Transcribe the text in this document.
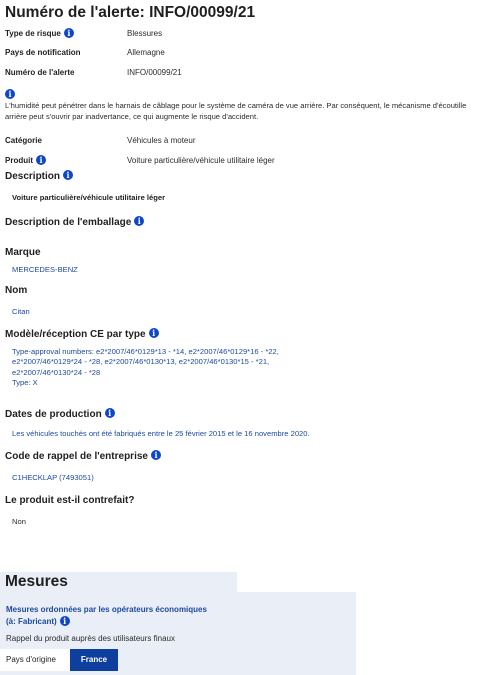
Numéro de l'alerte: INFO/00099/21
Type de risque i	Blessures
Pays de notification	Allemagne
Numéro de l'alerte	INFO/00099/21
i
L'humidité peut pénétrer dans le harnais de câblage pour le système de caméra de vue arrière. Par conséquent, le mécanisme d'écoutille arrière peut s'ouvrir par inadvertance, ce qui augmente le risque d'accident.
Catégorie	Véhicules à moteur
Produit i	Voiture particulière/véhicule utilitaire léger
Description i
Voiture particulière/véhicule utilitaire léger
Description de l'emballage i
Marque
MERCEDES-BENZ
Nom
Citan
Modèle/réception CE par type i
Type-approval numbers: e2*2007/46*0129*13 - *14, e2*2007/46*0129*16 - *22,
e2*2007/46*0129*24 - *28, e2*2007/46*0130*13, e2*2007/46*0130*15 - *21,
e2*2007/46*0130*24 - *28
Type: X
Dates de production i
Les véhicules touchés ont été fabriqués entre le 25 février 2015 et le 16 novembre 2020.
Code de rappel de l'entreprise i
C1HECKLAP (7493051)
Le produit est-il contrefait?
Non
Mesures
Mesures ordonnées par les opérateurs économiques
(à: Fabricant) i
Rappel du produit auprès des utilisateurs finaux
Pays d'origine	France
